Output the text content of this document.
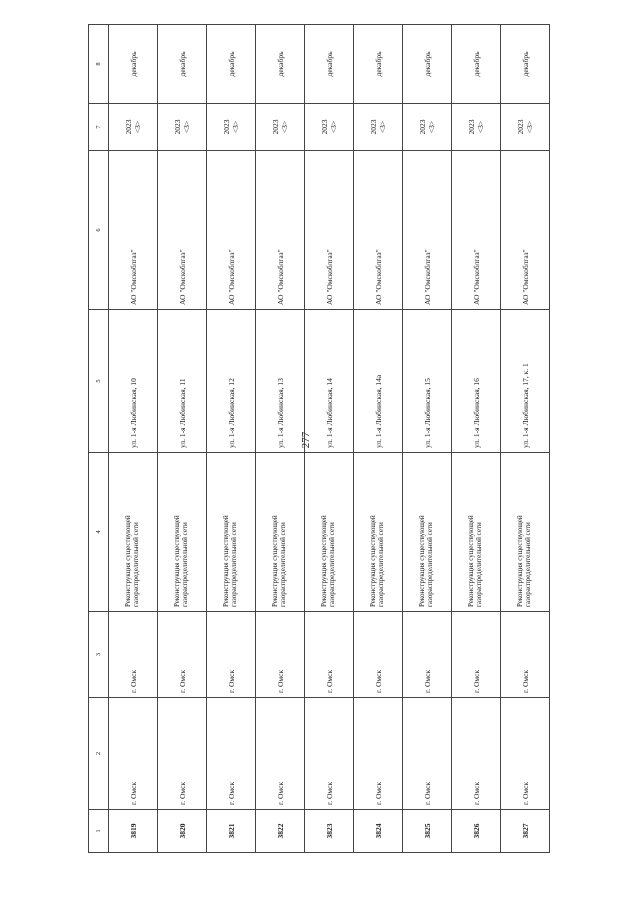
277
1	2	3	4	5	6	7	8
3819	г. Омск	г. Омск	Реконструкция существующей газораспределительной сети	ул. 1-я Любинская, 10	АО "Омскоблгаз"	2023 <3>	декабрь
3820	г. Омск	г. Омск	Реконструкция существующей газораспределительной сети	ул. 1-я Любинская, 11	АО "Омскоблгаз"	2023 <3>	декабрь
3821	г. Омск	г. Омск	Реконструкция существующей газораспределительной сети	ул. 1-я Любинская, 12	АО "Омскоблгаз"	2023 <3>	декабрь
3822	г. Омск	г. Омск	Реконструкция существующей газораспределительной сети	ул. 1-я Любинская, 13	АО "Омскоблгаз"	2023 <3>	декабрь
3823	г. Омск	г. Омск	Реконструкция существующей газораспределительной сети	ул. 1-я Любинская, 14	АО "Омскоблгаз"	2023 <3>	декабрь
3824	г. Омск	г. Омск	Реконструкция существующей газораспределительной сети	ул. 1-я Любинская, 14а	АО "Омскоблгаз"	2023 <3>	декабрь
3825	г. Омск	г. Омск	Реконструкция существующей газораспределительной сети	ул. 1-я Любинская, 15	АО "Омскоблгаз"	2023 <3>	декабрь
3826	г. Омск	г. Омск	Реконструкция существующей газораспределительной сети	ул. 1-я Любинская, 16	АО "Омскоблгаз"	2023 <3>	декабрь
3827	г. Омск	г. Омск	Реконструкция существующей газораспределительной сети	ул. 1-я Любинская, 17, к. 1	АО "Омскоблгаз"	2023 <3>	декабрь
